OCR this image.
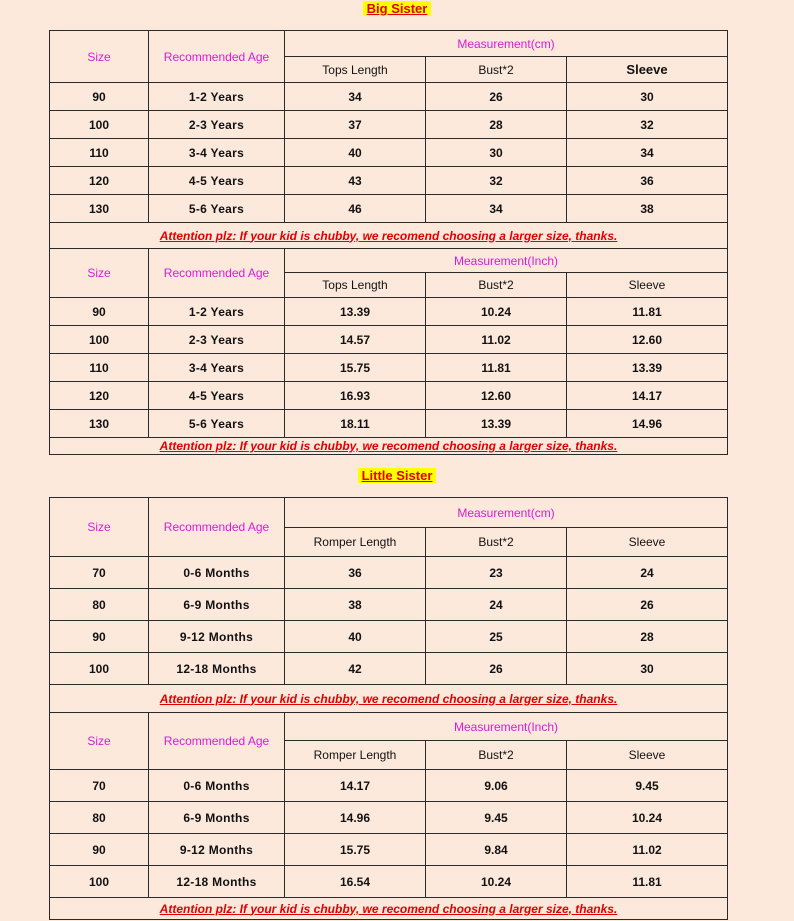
Big Sister
Size	Recommended Age	Measurement(cm)		
		Tops Length	Bust*2	Sleeve
90	1-2 Years	34	26	30
100	2-3 Years	37	28	32
110	3-4 Years	40	30	34
120	4-5 Years	43	32	36
130	5-6 Years	46	34	38
Attention plz: If your kid is chubby, we recomend choosing a larger size, thanks.				
Size	Recommended Age	Measurement(Inch)		
		Tops Length	Bust*2	Sleeve
90	1-2 Years	13.39	10.24	11.81
100	2-3 Years	14.57	11.02	12.60
110	3-4 Years	15.75	11.81	13.39
120	4-5 Years	16.93	12.60	14.17
130	5-6 Years	18.11	13.39	14.96
Attention plz: If your kid is chubby, we recomend choosing a larger size, thanks.				
Little Sister
Size	Recommended Age	Measurement(cm)		
		Romper Length	Bust*2	Sleeve
70	0-6 Months	36	23	24
80	6-9 Months	38	24	26
90	9-12 Months	40	25	28
100	12-18 Months	42	26	30
Attention plz: If your kid is chubby, we recomend choosing a larger size, thanks.				
Size	Recommended Age	Measurement(Inch)		
		Romper Length	Bust*2	Sleeve
70	0-6 Months	14.17	9.06	9.45
80	6-9 Months	14.96	9.45	10.24
90	9-12 Months	15.75	9.84	11.02
100	12-18 Months	16.54	10.24	11.81
Attention plz: If your kid is chubby, we recomend choosing a larger size, thanks.				
